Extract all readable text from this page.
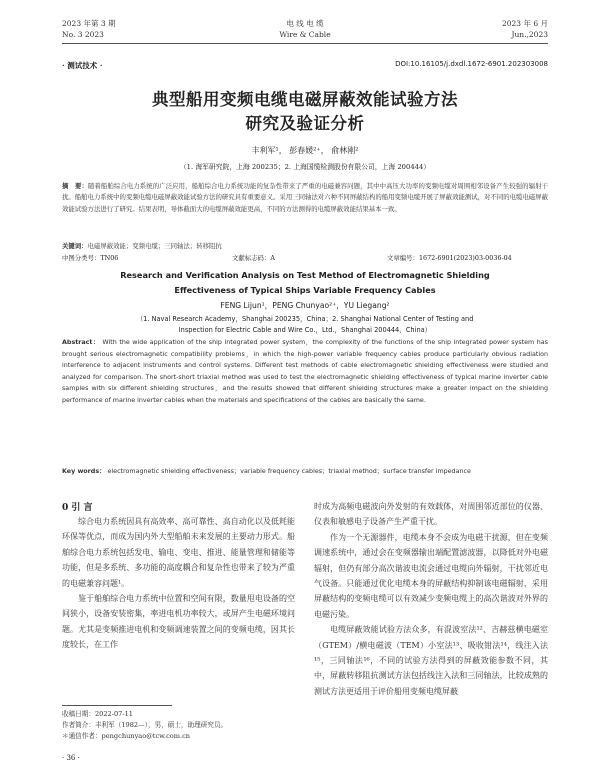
2023 年第 3 期
No. 3 2023
电 线 电 缆
Wire & Cable
2023 年 6 月
Jun.,2023
· 测试技术 ·	DOI:10.16105/j.dxdl.1672-6901.202303008
典型船用变频电缆电磁屏蔽效能试验方法
研究及验证分析
丰利军¹， 彭春媛²⁺， 俞林刚²
（1. 海军研究院，上海 200235；2. 上海国缆检测股份有限公司，上海 200444）
摘　要：随着船舶综合电力系统的广泛应用，船舶综合电力系统功能的复杂性带来了严重的电磁兼容问题，其中中高压大功率的变频电缆对周围相邻设备产生较强的辐射干扰。船舶电力系统中的变频电缆电磁屏蔽效能试验方法的研究具有重要意义。采用三同轴法对六种不同屏蔽结构的船用变频电缆开展了屏蔽效能测试，对不同的电缆电磁屏蔽效能试验方法进行了研究。结果表明，导体截面大的电缆屏蔽效能更高，不同的方法测得的电缆屏蔽效能结果基本一致。
关键词：电磁屏蔽效能；变频电缆；三同轴法；转移阻抗
中图分类号：TN06	文献标志码：A	文章编号：1672-6901(2023)03-0036-04
Research and Verification Analysis on Test Method of Electromagnetic Shielding
Effectiveness of Typical Ships Variable Frequency Cables
FENG Lijun¹，PENG Chunyao²⁺，YU Liegang²
（1. Naval Research Academy，Shanghai 200235，China；2. Shanghai National Center of Testing and
Inspection for Electric Cable and Wire Co.，Ltd.，Shanghai 200444，China）
Abstract： With the wide application of the ship integrated power system，the complexity of the functions of the ship integrated power system has brought serious electromagnetic compatibility problems，in which the high-power variable frequency cables produce particularly obvious radiation interference to adjacent instruments and control systems. Different test methods of cable electromagnetic shielding effectiveness were studied and analyzed for comparison. The short-short triaxial method was used to test the electromagnetic shielding effectiveness of typical marine inverter cable samples with six different shielding structures，and the results showed that different shielding structures make a greater impact on the shielding performance of marine inverter cables when the materials and specifications of the cables are basically the same.
Key words： electromagnetic shielding effectiveness；variable frequency cables；triaxial method；surface transfer impedance
0 引 言
综合电力系统因具有高效率、高可靠性、高自动化以及低耗能环保等优点，而成为国内外大型船舶未来发展的主要动力形式。船舶综合电力系统包括发电、输电、变电、推进、能量管理和储能等功能，但是多系统、多功能的高度耦合和复杂性也带来了较为严重的电磁兼容问题¹。
鉴于船舶综合电力系统中位置和空间有限，数量甩电设备的空间狭小，设备安装密集，率进电机功率较大，或屏产生电磁环境问题。尤其是变频推进电机和变频调速装置之间的变频电缆，因其长度较长，在工作
时成为高频电磁波向外发射的有效载体，对周围邻近部位的仪器、仪表和敏感电子设备产生严重干扰。
作为一个无源器件，电缆本身不会成为电磁干扰源，但在变频调速系统中，通过会在变频器输出端配置滤波器，以降低对外电磁辐射，但仍有部分高次谐波电流会通过电缆向外辐射，干扰邻近电气设备。只能通过优化电缆本身的屏蔽结构抑制该电磁辐射，采用屏蔽结构的变频电缆可以有效减少变频电缆上的高次谐波对外界的电磁污染。
电缆屏蔽效能试验方法众多，有混波室法¹²、吉赫兹横电磁室（GTEM）/横电磁波（TEM）小室法¹³、吸收钳法¹⁴，线注入法¹⁵，三同轴法¹⁶，不同的试验方法得到的屏蔽效能参数不同，其中，屏蔽转移阻抗测试方法包括线注入法和三同轴法，比较成熟的测试方法更适用于评价船用变频电缆屏蔽
收稿日期：2022-07-11
作者简介：丰利军（1982—），男，硕士，助理研究员。
＊通信作者：pengchunyao@tcw.com.cn
· 36 ·
